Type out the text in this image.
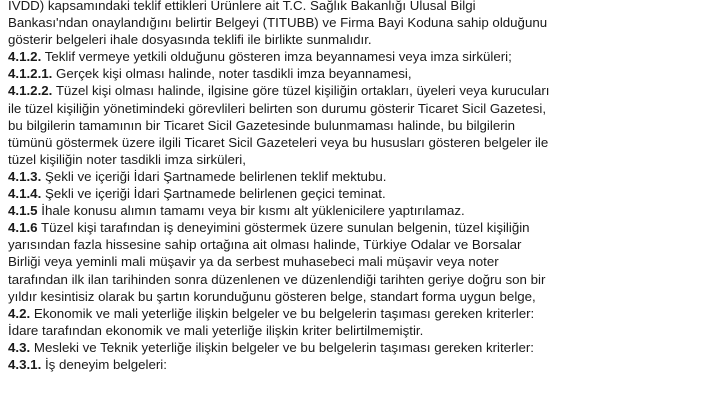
IVDD) kapsamındaki teklif ettikleri Ürünlere ait T.C. Sağlık Bakanlığı Ulusal Bilgi
Bankası'ndan onaylandığını belirtir Belgeyi (TITUBB) ve Firma Bayi Koduna sahip olduğunu
gösterir belgeleri ihale dosyasında teklifi ile birlikte sunmalıdır.
4.1.2. Teklif vermeye yetkili olduğunu gösteren imza beyannamesi veya imza sirküleri;
4.1.2.1. Gerçek kişi olması halinde, noter tasdikli imza beyannamesi,
4.1.2.2. Tüzel kişi olması halinde, ilgisine göre tüzel kişiliğin ortakları, üyeleri veya kurucuları
ile tüzel kişiliğin yönetimindeki görevlileri belirten son durumu gösterir Ticaret Sicil Gazetesi,
bu bilgilerin tamamının bir Ticaret Sicil Gazetesinde bulunmaması halinde, bu bilgilerin
tümünü göstermek üzere ilgili Ticaret Sicil Gazeteleri veya bu hususları gösteren belgeler ile
tüzel kişiliğin noter tasdikli imza sirküleri,
4.1.3. Şekli ve içeriği İdari Şartnamede belirlenen teklif mektubu.
4.1.4. Şekli ve içeriği İdari Şartnamede belirlenen geçici teminat.
4.1.5 İhale konusu alımın tamamı veya bir kısmı alt yüklenicilere yaptırılamaz.
4.1.6 Tüzel kişi tarafından iş deneyimini göstermek üzere sunulan belgenin, tüzel kişiliğin
yarısından fazla hissesine sahip ortağına ait olması halinde, Türkiye Odalar ve Borsalar
Birliği veya yeminli mali müşavir ya da serbest muhasebeci mali müşavir veya noter
tarafından ilk ilan tarihinden sonra düzenlenen ve düzenlendiği tarihten geriye doğru son bir
yıldır kesintisiz olarak bu şartın korunduğunu gösteren belge, standart forma uygun belge,
4.2. Ekonomik ve mali yeterliğe ilişkin belgeler ve bu belgelerin taşıması gereken kriterler:
İdare tarafından ekonomik ve mali yeterliğe ilişkin kriter belirtilmemiştir.
4.3. Mesleki ve Teknik yeterliğe ilişkin belgeler ve bu belgelerin taşıması gereken kriterler:
4.3.1. İş deneyim belgeleri:
